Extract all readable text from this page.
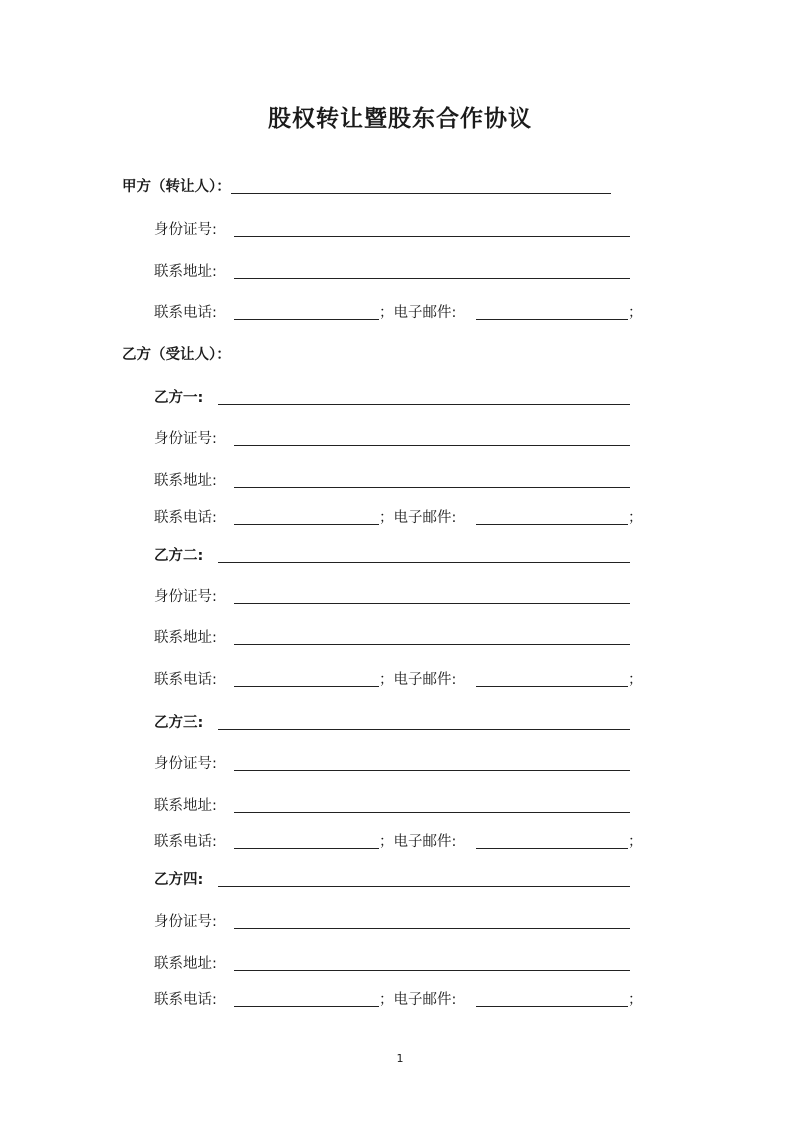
股权转让暨股东合作协议
甲方（转让人）：
身份证号:
联系地址:
联系电话:	；电子邮件:	；
乙方（受让人）：
乙方一:
身份证号:
联系地址:
联系电话:	；电子邮件:	；
乙方二:
身份证号:
联系地址:
联系电话:	；电子邮件:	；
乙方三:
身份证号:
联系地址:
联系电话:	；电子邮件:	；
乙方四:
身份证号:
联系地址:
联系电话:	；电子邮件:	；
1
